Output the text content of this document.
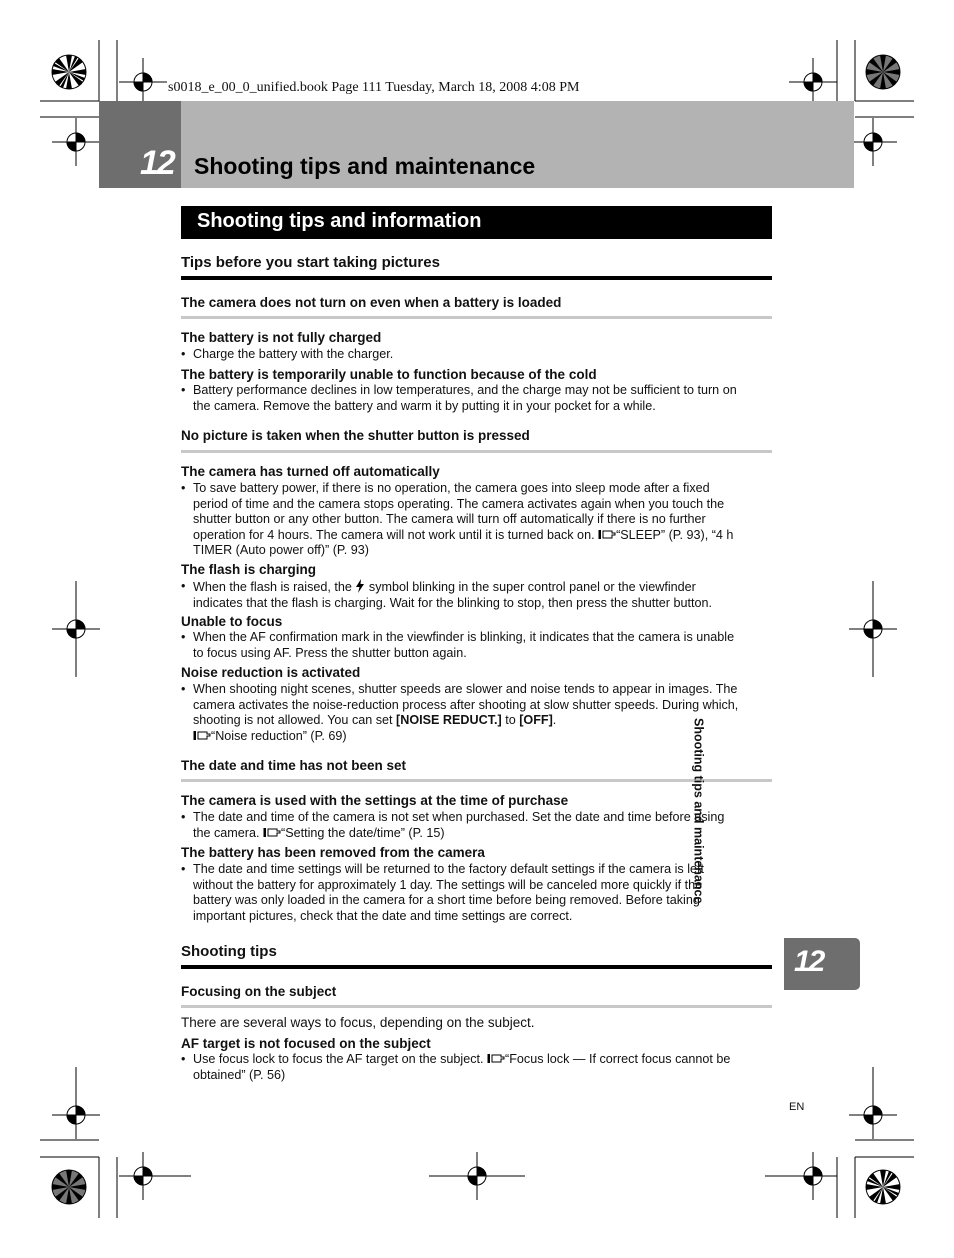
s0018_e_00_0_unified.book Page 111 Tuesday, March 18, 2008 4:08 PM
12 Shooting tips and maintenance
Shooting tips and information
Tips before you start taking pictures
The camera does not turn on even when a battery is loaded
The battery is not fully charged
• Charge the battery with the charger.
The battery is temporarily unable to function because of the cold
• Battery performance declines in low temperatures, and the charge may not be sufficient to turn on
the camera. Remove the battery and warm it by putting it in your pocket for a while.
No picture is taken when the shutter button is pressed
The camera has turned off automatically
• To save battery power, if there is no operation, the camera goes into sleep mode after a fixed
period of time and the camera stops operating. The camera activates again when you touch the
shutter button or any other button. The camera will turn off automatically if there is no further
operation for 4 hours. The camera will not work until it is turned back on. “SLEEP” (P. 93), “4 h
TIMER (Auto power off)” (P. 93)
The flash is charging
• When the flash is raised, the symbol blinking in the super control panel or the viewfinder
indicates that the flash is charging. Wait for the blinking to stop, then press the shutter button.
Unable to focus
• When the AF confirmation mark in the viewfinder is blinking, it indicates that the camera is unable
to focus using AF. Press the shutter button again.
Noise reduction is activated
• When shooting night scenes, shutter speeds are slower and noise tends to appear in images. The
camera activates the noise-reduction process after shooting at slow shutter speeds. During which,
shooting is not allowed. You can set [NOISE REDUCT.] to [OFF].
“Noise reduction” (P. 69)
The date and time has not been set
The camera is used with the settings at the time of purchase
• The date and time of the camera is not set when purchased. Set the date and time before using
the camera. “Setting the date/time” (P. 15)
The battery has been removed from the camera
• The date and time settings will be returned to the factory default settings if the camera is left
without the battery for approximately 1 day. The settings will be canceled more quickly if the
battery was only loaded in the camera for a short time before being removed. Before taking
important pictures, check that the date and time settings are correct.
Shooting tips
Focusing on the subject
There are several ways to focus, depending on the subject.
AF target is not focused on the subject
• Use focus lock to focus the AF target on the subject. “Focus lock — If correct focus cannot be
obtained” (P. 56)
Shooting tips and maintenance
12
EN
